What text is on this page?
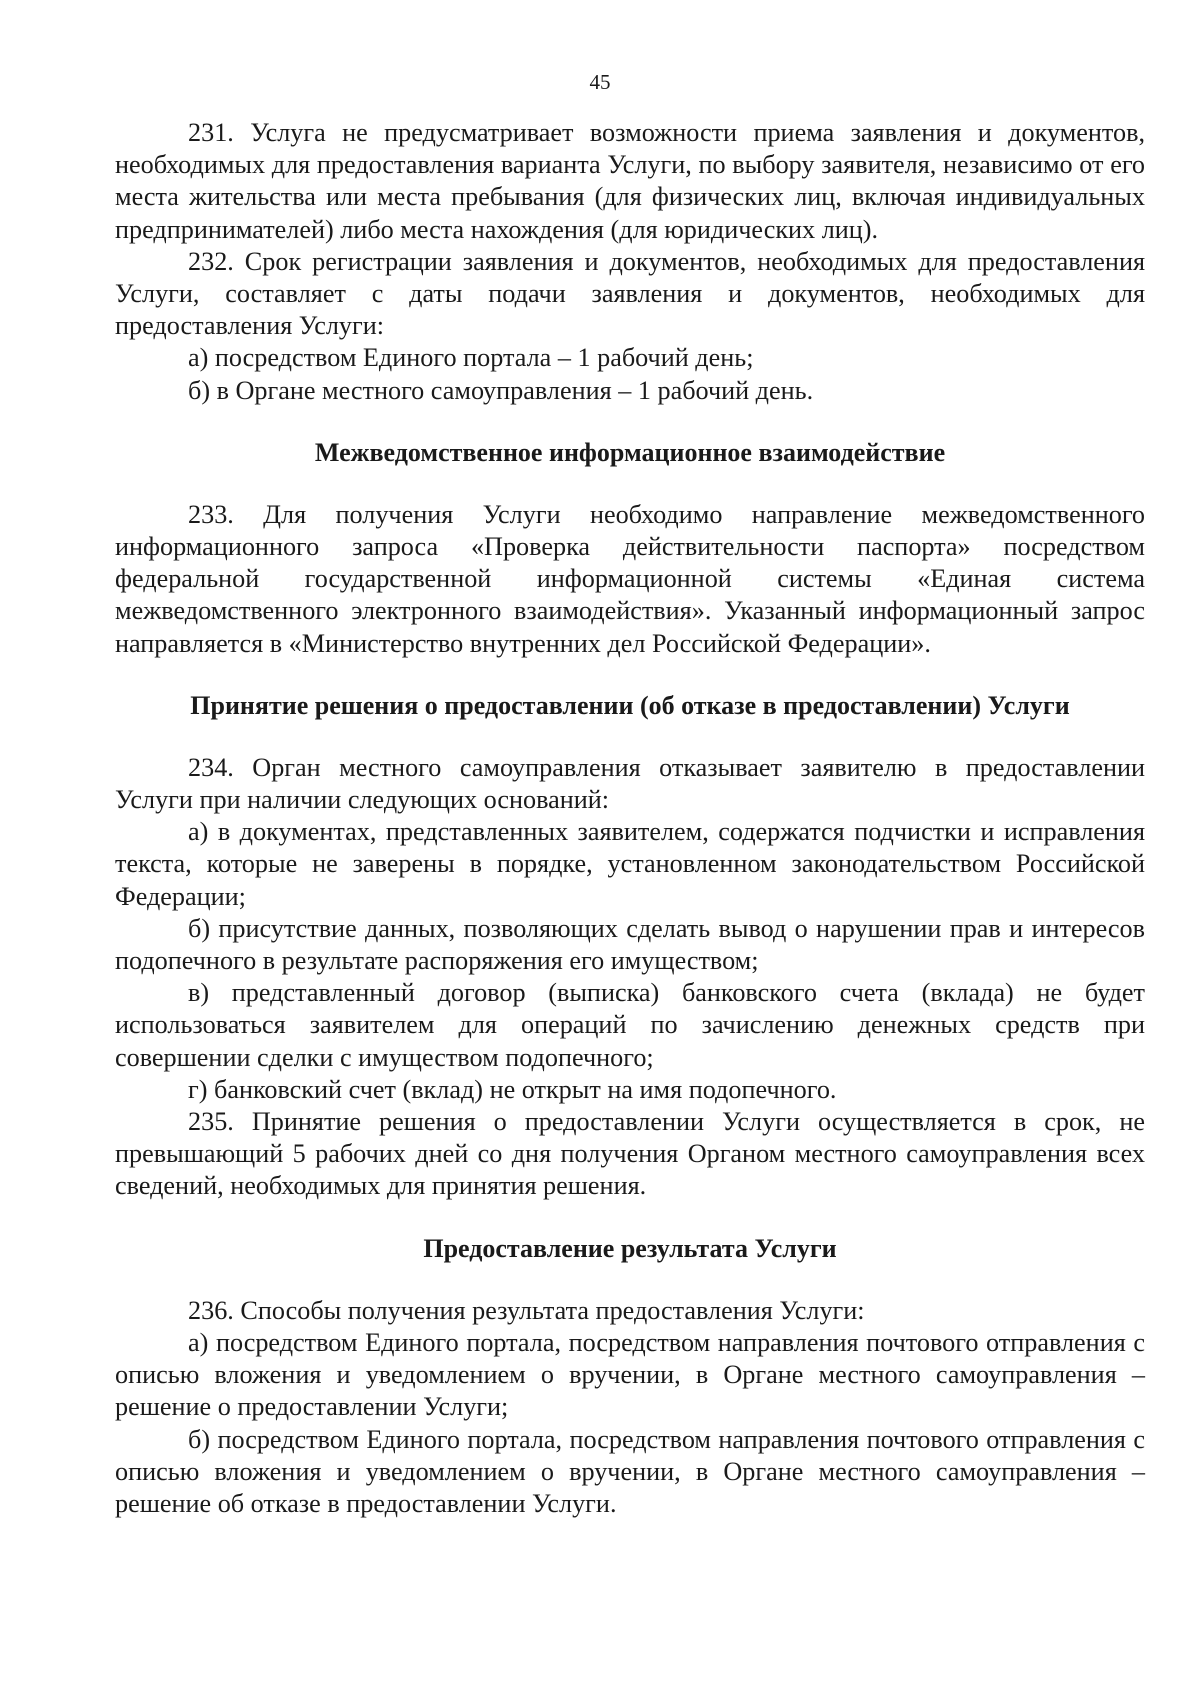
45

231. Услуга не предусматривает возможности приема заявления и документов, необходимых для предоставления варианта Услуги, по выбору заявителя, независимо от его места жительства или места пребывания (для физических лиц, включая индивидуальных предпринимателей) либо места нахождения (для юридических лиц).

232. Срок регистрации заявления и документов, необходимых для предоставления Услуги, составляет с даты подачи заявления и документов, необходимых для предоставления Услуги:

а) посредством Единого портала – 1 рабочий день;

б) в Органе местного самоуправления – 1 рабочий день.

Межведомственное информационное взаимодействие

233. Для получения Услуги необходимо направление межведомственного информационного запроса «Проверка действительности паспорта» посредством федеральной государственной информационной системы «Единая система межведомственного электронного взаимодействия». Указанный информационный запрос направляется в «Министерство внутренних дел Российской Федерации».

Принятие решения о предоставлении (об отказе в предоставлении) Услуги

234. Орган местного самоуправления отказывает заявителю в предоставлении Услуги при наличии следующих оснований:

а) в документах, представленных заявителем, содержатся подчистки и исправления текста, которые не заверены в порядке, установленном законодательством Российской Федерации;

б) присутствие данных, позволяющих сделать вывод о нарушении прав и интересов подопечного в результате распоряжения его имуществом;

в) представленный договор (выписка) банковского счета (вклада) не будет использоваться заявителем для операций по зачислению денежных средств при совершении сделки с имуществом подопечного;

г) банковский счет (вклад) не открыт на имя подопечного.

235. Принятие решения о предоставлении Услуги осуществляется в срок, не превышающий 5 рабочих дней со дня получения Органом местного самоуправления всех сведений, необходимых для принятия решения.

Предоставление результата Услуги

236. Способы получения результата предоставления Услуги:

а) посредством Единого портала, посредством направления почтового отправления с описью вложения и уведомлением о вручении, в Органе местного самоуправления – решение о предоставлении Услуги;

б) посредством Единого портала, посредством направления почтового отправления с описью вложения и уведомлением о вручении, в Органе местного самоуправления – решение об отказе в предоставлении Услуги.
